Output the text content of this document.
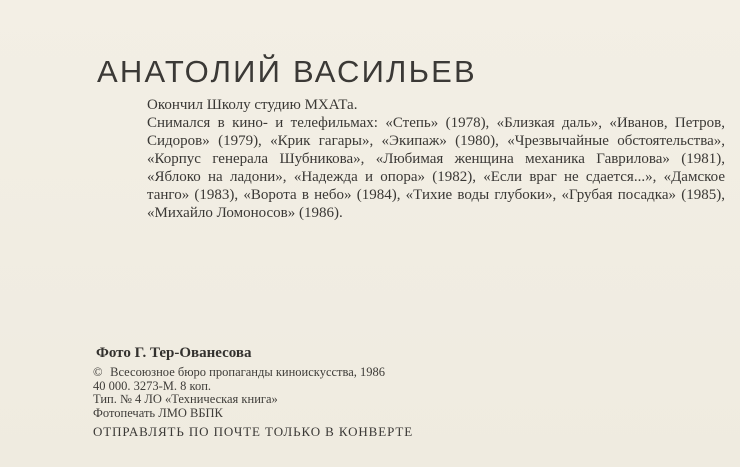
АНАТОЛИЙ ВАСИЛЬЕВ

Окончил Школу студию МХАТа.

Снимался в кино- и телефильмах: «Степь» (1978), «Близкая даль», «Иванов, Петров, Сидоров» (1979), «Крик гагары», «Экипаж» (1980), «Чрезвычайные обстоятельства», «Корпус генерала Шубникова», «Любимая женщина механика Гаврилова» (1981), «Яблоко на ладони», «Надежда и опора» (1982), «Если враг не сдается...», «Дамское танго» (1983), «Ворота в небо» (1984), «Тихие воды глубоки», «Грубая посадка» (1985), «Михайло Ломоносов» (1986).

Фото Г. Тер-Ованесова
© Всесоюзное бюро пропаганды киноискусства, 1986
40 000. 3273-М. 8 коп.
Тип. № 4 ЛО «Техническая книга»
Фотопечать ЛМО ВБПК
ОТПРАВЛЯТЬ ПО ПОЧТЕ ТОЛЬКО В КОНВЕРТЕ
